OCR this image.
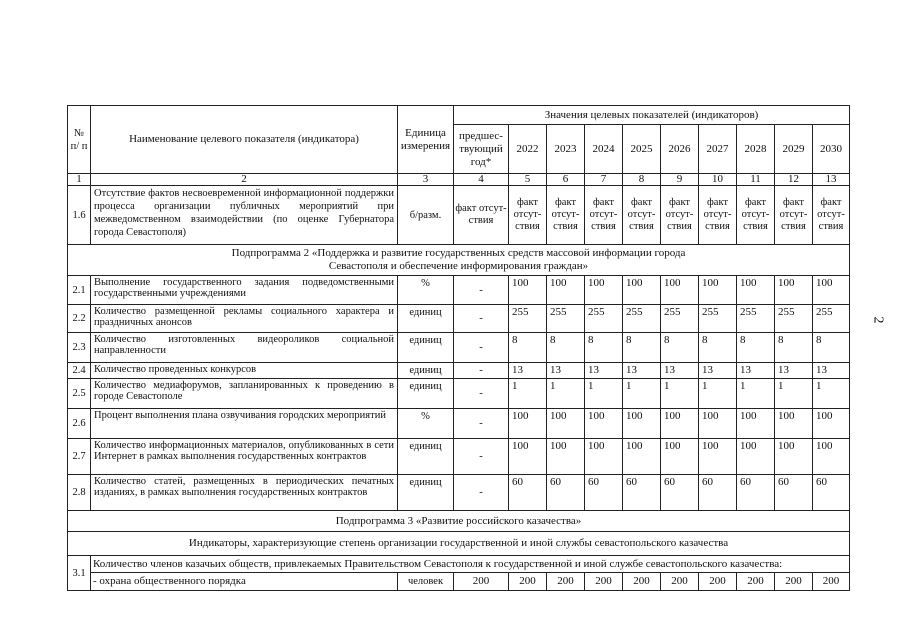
2
№ п/ п	Наименование целевого показателя (индикатора)	Единица измерения	Значения целевых показателей (индикаторов)									
			предшес-твующий год*	2022	2023	2024	2025	2026	2027	2028	2029	2030
1	2	3	4	5	6	7	8	9	10	11	12	13
1.6	Отсутствие фактов несвоевременной информационной поддержки процесса организации публичных мероприятий при межведомственном взаимодействии (по оценке Губернатора города Севастополя)	б/разм.	факт отсут-ствия	факт отсут-ствия	факт отсут-ствия	факт отсут-ствия	факт отсут-ствия	факт отсут-ствия	факт отсут-ствия	факт отсут-ствия	факт отсут-ствия	факт отсут-ствия
Подпрограмма 2 «Поддержка и развитие государственных средств массовой информации города Севастополя и обеспечение информирования граждан»												
2.1	Выполнение государственного задания подведомственными государственными учреждениями	%	-	100	100	100	100	100	100	100	100	100
2.2	Количество размещенной рекламы социального характера и праздничных анонсов	единиц	-	255	255	255	255	255	255	255	255	255
2.3	Количество изготовленных видеороликов социальной направленности	единиц	-	8	8	8	8	8	8	8	8	8
2.4	Количество проведенных конкурсов	единиц	-	13	13	13	13	13	13	13	13	13
2.5	Количество медиафорумов, запланированных к проведению в городе Севастополе	единиц	-	1	1	1	1	1	1	1	1	1
2.6	Процент выполнения плана озвучивания городских мероприятий	%	-	100	100	100	100	100	100	100	100	100
2.7	Количество информационных материалов, опубликованных в сети Интернет в рамках выполнения государственных контрактов	единиц	-	100	100	100	100	100	100	100	100	100
2.8	Количество статей, размещенных в периодических печатных изданиях, в рамках выполнения государственных контрактов	единиц	-	60	60	60	60	60	60	60	60	60
Подпрограмма 3 «Развитие российского казачества»												
Индикаторы, характеризующие степень организации государственной и иной службы севастопольского казачества												
3.1	Количество членов казачьих обществ, привлекаемых Правительством Севастополя к государственной и иной службе севастопольского казачества:											
	- охрана общественного порядка	человек	200	200	200	200	200	200	200	200	200	200
